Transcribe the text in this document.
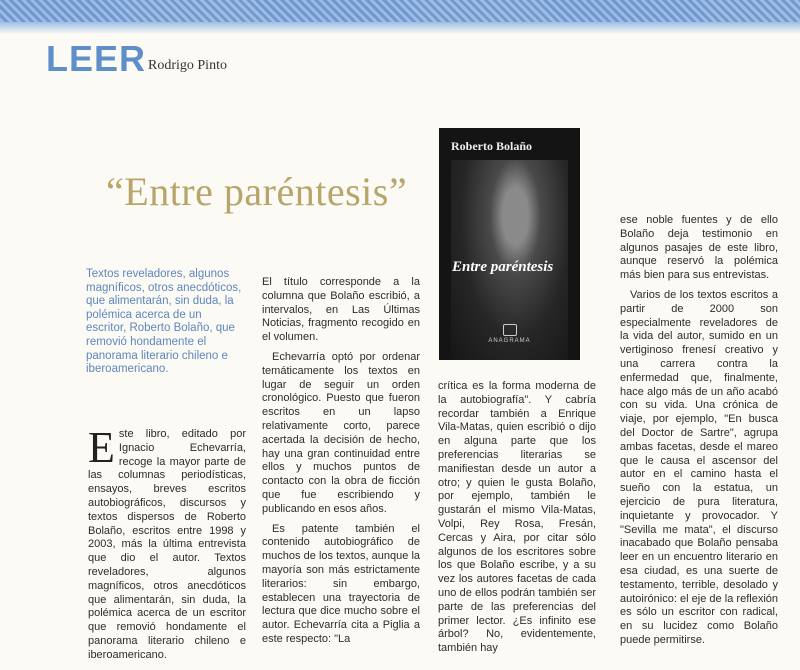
LEER Rodrigo Pinto
“Entre paréntesis”
Roberto Bolaño
Entre paréntesis
ANAGRAMA
Textos reveladores, algunos magníficos, otros anecdóticos, que alimentarán, sin duda, la polémica acerca de un escritor, Roberto Bolaño, que removió hondamente el panorama literario chileno e iberoamericano.

Este libro, editado por Ignacio Echevarría, recoge la mayor parte de las columnas periodísticas, ensayos, breves escritos autobiográficos, discursos y textos dispersos de Roberto Bolaño, escritos entre 1998 y 2003, más la última entrevista que dio el autor. Textos reveladores, algunos magníficos, otros anecdóticos que alimentarán, sin duda, la polémica acerca de un escritor que removió hondamente el panorama literario chileno e iberoamericano.

El título corresponde a la columna que Bolaño escribió, a intervalos, en Las Últimas Noticias, fragmento recogido en el volumen.

Echevarría optó por ordenar temáticamente los textos en lugar de seguir un orden cronológico. Puesto que fueron escritos en un lapso relativamente corto, parece acertada la decisión de hecho, hay una gran continuidad entre ellos y muchos puntos de contacto con la obra de ficción que fue escribiendo y publicando en esos años.

Es patente también el contenido autobiográfico de muchos de los textos, aunque la mayoría son más estrictamente literarios: sin embargo, establecen una trayectoria de lectura que dice mucho sobre el autor. Echevarría cita a Piglia a este respecto: "La

crítica es la forma moderna de la autobiografía". Y cabría recordar también a Enrique Vila-Matas, quien escribió o dijo en alguna parte que los preferencias literarias se manifiestan desde un autor a otro; y quien le gusta Bolaño, por ejemplo, también le gustarán el mismo Vila-Matas, Volpi, Rey Rosa, Fresán, Cercas y Aira, por citar sólo algunos de los escritores sobre los que Bolaño escribe, y a su vez los autores facetas de cada uno de ellos podrán también ser parte de las preferencias del primer lector. ¿Es infinito ese árbol? No, evidentemente, también hay

ese noble fuentes y de ello Bolaño deja testimonio en algunos pasajes de este libro, aunque reservó la polémica más bien para sus entrevistas.

Varios de los textos escritos a partir de 2000 son especialmente reveladores de la vida del autor, sumido en un vertiginoso frenesí creativo y una carrera contra la enfermedad que, finalmente, hace algo más de un año acabó con su vida. Una crónica de viaje, por ejemplo, "En busca del Doctor de Sartre", agrupa ambas facetas, desde el mareo que le causa el ascensor del autor en el camino hasta el sueño con la estatua, un ejercicio de pura literatura, inquietante y provocador. Y "Sevilla me mata", el discurso inacabado que Bolaño pensaba leer en un encuentro literario en esa ciudad, es una suerte de testamento, terrible, desolado y autoirónico: el eje de la reflexión es sólo un escritor con radical, en su lucidez como Bolaño puede permitirse.
